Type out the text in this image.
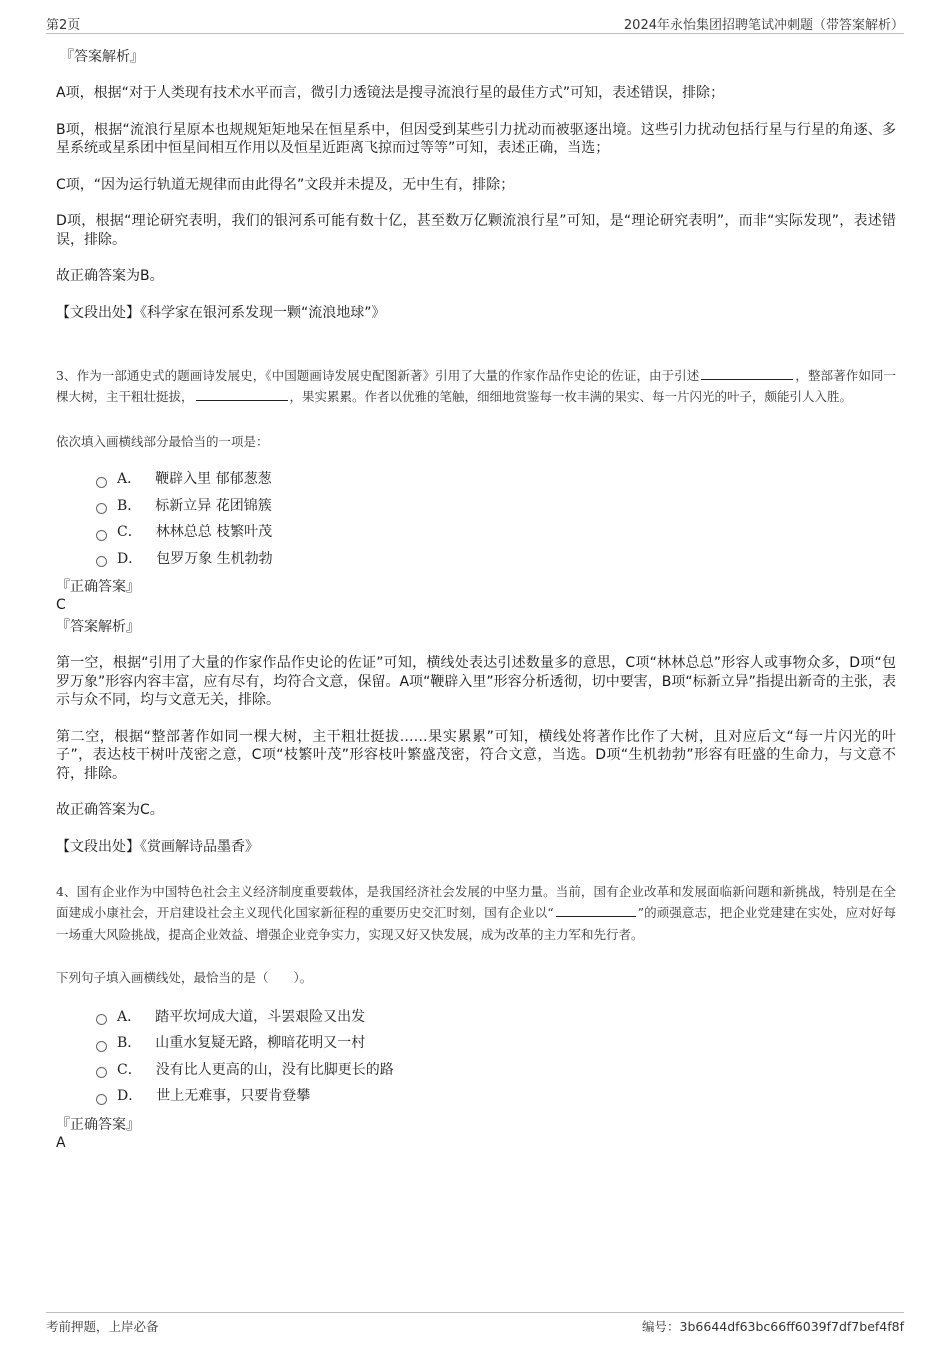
第2页	2024年永怡集团招聘笔试冲刺题（带答案解析）
『答案解析』

A项，根据“对于人类现有技术水平而言，微引力透镜法是搜寻流浪行星的最佳方式”可知，表述错误，排除；

B项，根据“流浪行星原本也规规矩矩地呆在恒星系中，但因受到某些引力扰动而被驱逐出境。这些引力扰动包括行星与行星的角逐、多星系统或星系团中恒星间相互作用以及恒星近距离飞掠而过等等”可知，表述正确，当选；

C项，“因为运行轨道无规律而由此得名”文段并未提及，无中生有，排除；

D项，根据“理论研究表明，我们的银河系可能有数十亿，甚至数万亿颗流浪行星”可知，是“理论研究表明”，而非“实际发现”，表述错误，排除。

故正确答案为B。

【文段出处】《科学家在银河系发现一颗“流浪地球”》

3、作为一部通史式的题画诗发展史，《中国题画诗发展史配图新著》引用了大量的作家作品作史论的佐证，由于引述	，整部著作如同一棵大树，主干粗壮挺拔，	，果实累累。作者以优雅的笔触，细细地赏鉴每一枚丰满的果实、每一片闪光的叶子，颇能引人入胜。

依次填入画横线部分最恰当的一项是：
A． 鞭辟入里 郁郁葱葱
B． 标新立异 花团锦簇
C． 林林总总 枝繁叶茂
D． 包罗万象 生机勃勃
『正确答案』
C
『答案解析』

第一空，根据“引用了大量的作家作品作史论的佐证”可知，横线处表达引述数量多的意思，C项“林林总总”形容人或事物众多，D项“包罗万象”形容内容丰富，应有尽有，均符合文意，保留。A项“鞭辟入里”形容分析透彻，切中要害，B项“标新立异”指提出新奇的主张，表示与众不同，均与文意无关，排除。

第二空，根据“整部著作如同一棵大树，主干粗壮挺拔……果实累累”可知，横线处将著作比作了大树，且对应后文“每一片闪光的叶子”，表达枝干树叶茂密之意，C项“枝繁叶茂”形容枝叶繁盛茂密，符合文意，当选。D项“生机勃勃”形容有旺盛的生命力，与文意不符，排除。

故正确答案为C。

【文段出处】《赏画解诗品墨香》

4、国有企业作为中国特色社会主义经济制度重要载体，是我国经济社会发展的中坚力量。当前，国有企业改革和发展面临新问题和新挑战，特别是在全面建成小康社会，开启建设社会主义现代化国家新征程的重要历史交汇时刻，国有企业以“	”的顽强意志，把企业党建建在实处，应对好每一场重大风险挑战，提高企业效益、增强企业竞争实力，实现又好又快发展，成为改革的主力军和先行者。

下列句子填入画横线处，最恰当的是（　　）。
A． 踏平坎坷成大道，斗罢艰险又出发
B． 山重水复疑无路，柳暗花明又一村
C． 没有比人更高的山，没有比脚更长的路
D． 世上无难事，只要肯登攀
『正确答案』
A
考前押题，上岸必备	编号：3b6644df63bc66ff6039f7df7bef4f8f
